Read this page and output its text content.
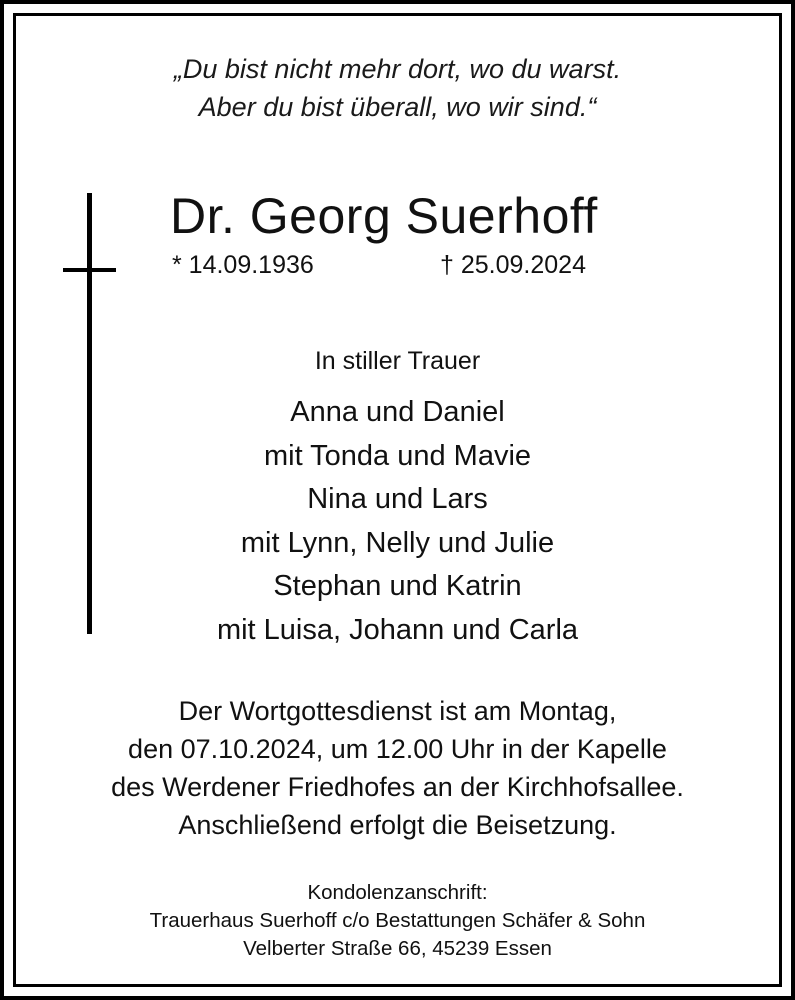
„Du bist nicht mehr dort, wo du warst.
Aber du bist überall, wo wir sind.“
Dr. Georg Suerhoff
* 14.09.1936	† 25.09.2024
In stiller Trauer
Anna und Daniel
mit Tonda und Mavie
Nina und Lars
mit Lynn, Nelly und Julie
Stephan und Katrin
mit Luisa, Johann und Carla
Der Wortgottesdienst ist am Montag,
den 07.10.2024, um 12.00 Uhr in der Kapelle
des Werdener Friedhofes an der Kirchhofsallee.
Anschließend erfolgt die Beisetzung.
Kondolenzanschrift:
Trauerhaus Suerhoff c/o Bestattungen Schäfer & Sohn
Velberter Straße 66, 45239 Essen
